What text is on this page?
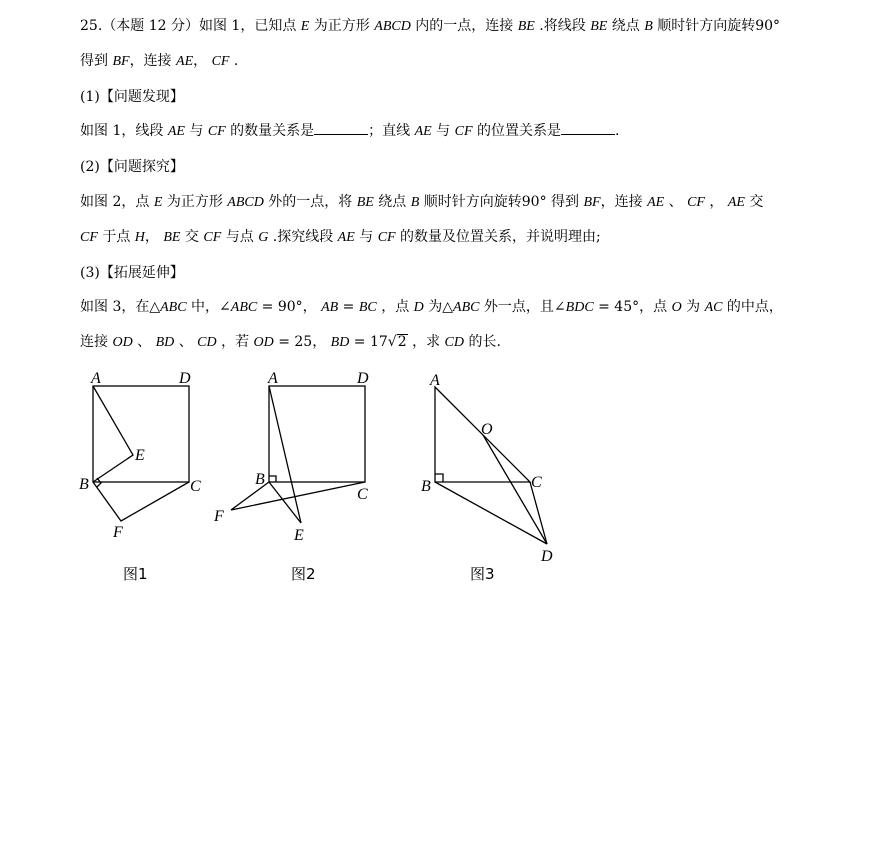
25.（本题 12 分）如图 1，已知点 E 为正方形 ABCD 内的一点，连接 BE .将线段 BE 绕点 B 顺时针方向旋转90°
得到 BF，连接 AE， CF .
(1)【问题发现】
如图 1，线段 AE 与 CF 的数量关系是	；直线 AE 与 CF 的位置关系是	.
(2)【问题探究】
如图 2，点 E 为正方形 ABCD 外的一点，将 BE 绕点 B 顺时针方向旋转90° 得到 BF，连接 AE 、 CF ， AE 交
CF 于点 H， BE 交 CF 与点 G .探究线段 AE 与 CF 的数量及位置关系，并说明理由;
(3)【拓展延伸】
如图 3，在△ABC 中，∠ABC = 90°， AB = BC ，点 D 为△ABC 外一点，且∠BDC = 45°，点 O 为 AC 的中点，
连接 OD 、 BD 、 CD ，若 OD = 25， BD = 17√2 ，求 CD 的长.
A	D
E
B	C
F
图1
A	D
B
C
F
E
图2
A
O
B	C
D
图3
